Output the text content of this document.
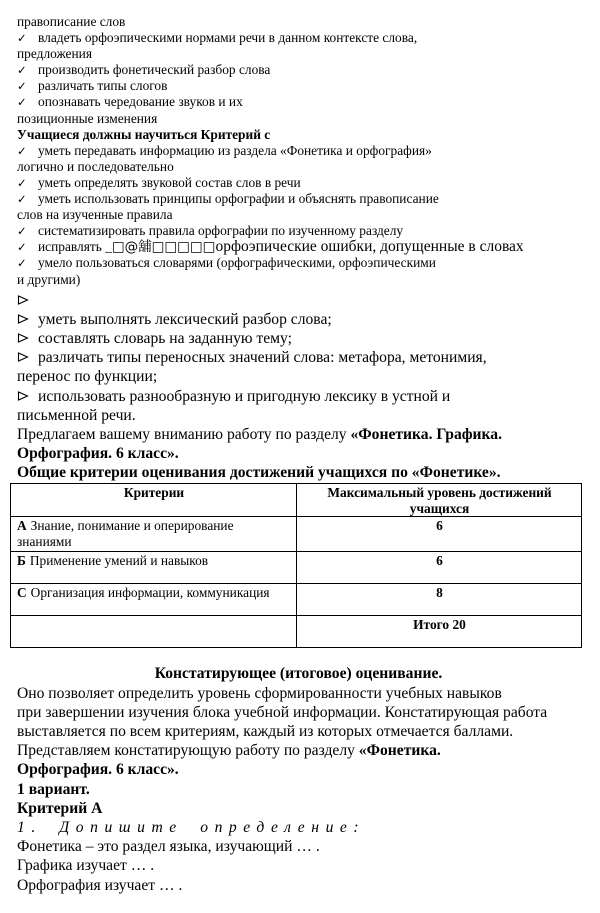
правописание слов
✓ владеть орфоэпическими нормами речи в данном контексте слова,
предложения
✓ производить фонетический разбор слова
✓ различать типы слогов
✓ опознавать чередование звуков и их
позиционные изменения
Учащиеся должны научиться Критерий с
✓ уметь передавать информацию из раздела «Фонетика и орфография»
логично и последовательно
✓ уметь определять звуковой состав слов в речи
✓ уметь использовать принципы орфографии и объяснять правописание
слов на изученные правила
✓ систематизировать правила орфографии по изученному разделу
✓ исправлять _□@舖□□□□□орфоэпические ошибки, допущенные в словах
✓ умело пользоваться словарями (орфографическими, орфоэпическими
и другими)
уметь выполнять лексический разбор слова;
составлять словарь на заданную тему;
различать типы переносных значений слова: метафора, метонимия,
перенос по функции;
использовать разнообразную и пригодную лексику в устной и
письменной речи.
Предлагаем вашему вниманию работу по разделу «Фонетика. Графика.
Орфография. 6 класс».
Общие критерии оценивания достижений учащихся по «Фонетике».
Критерии	Максимальный уровень достижений
учащихся

А Знание, понимание и оперирование
знаниями	6
Б Применение умений и навыков	6
С Организация информации, коммуникация	8
	Итого 20
Констатирующее (итоговое) оценивание.
Оно позволяет определить уровень сформированности учебных навыков
при завершении изучения блока учебной информации. Констатирующая работа
выставляется по всем критериям, каждый из которых отмечается баллами.
Представляем констатирующую работу по разделу «Фонетика.
Орфография. 6 класс».
1 вариант.
Критерий А
1. Допишите определение:
Фонетика – это раздел языка, изучающий … .
Графика изучает … .
Орфография изучает … .
